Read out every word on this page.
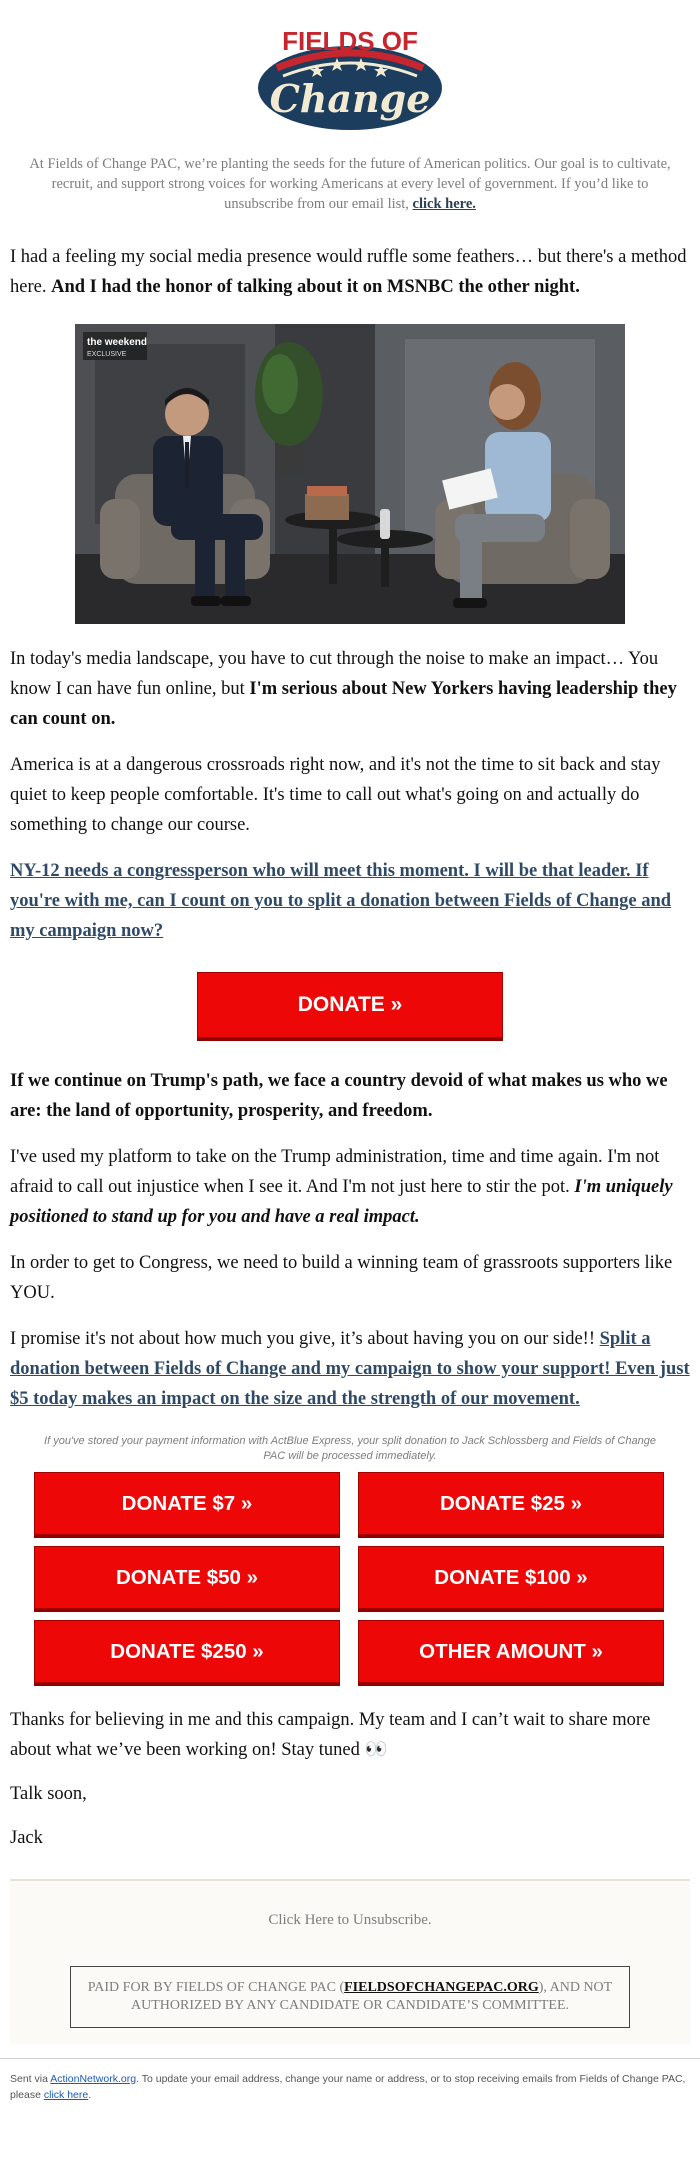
FIELDS OF
Change

At Fields of Change PAC, we’re planting the seeds for the future of American politics. Our goal is to cultivate, recruit, and support strong voices for working Americans at every level of government. If you’d like to unsubscribe from our email list, click here.

I had a feeling my social media presence would ruffle some feathers… but there's a method here. And I had the honor of talking about it on MSNBC the other night.

the weekend
EXCLUSIVE

In today's media landscape, you have to cut through the noise to make an impact… You know I can have fun online, but I'm serious about New Yorkers having leadership they can count on.

America is at a dangerous crossroads right now, and it's not the time to sit back and stay quiet to keep people comfortable. It's time to call out what's going on and actually do something to change our course.

NY-12 needs a congressperson who will meet this moment. I will be that leader. If you're with me, can I count on you to split a donation between Fields of Change and my campaign now?

DONATE »

If we continue on Trump's path, we face a country devoid of what makes us who we are: the land of opportunity, prosperity, and freedom.

I've used my platform to take on the Trump administration, time and time again. I'm not afraid to call out injustice when I see it. And I'm not just here to stir the pot. I'm uniquely positioned to stand up for you and have a real impact.

In order to get to Congress, we need to build a winning team of grassroots supporters like YOU.

I promise it's not about how much you give, it’s about having you on our side!! Split a donation between Fields of Change and my campaign to show your support! Even just $5 today makes an impact on the size and the strength of our movement.

If you've stored your payment information with ActBlue Express, your split donation to Jack Schlossberg and Fields of Change PAC will be processed immediately.

DONATE $7 »	DONATE $25 »
DONATE $50 »	DONATE $100 »
DONATE $250 »	OTHER AMOUNT »

Thanks for believing in me and this campaign. My team and I can’t wait to share more about what we’ve been working on! Stay tuned 👀

Talk soon,

Jack

Click Here to Unsubscribe.
PAID FOR BY FIELDS OF CHANGE PAC (FIELDSOFCHANGEPAC.ORG), AND NOT AUTHORIZED BY ANY CANDIDATE OR CANDIDATE’S COMMITTEE.
Sent via ActionNetwork.org. To update your email address, change your name or address, or to stop receiving emails from Fields of Change PAC, please click here.
